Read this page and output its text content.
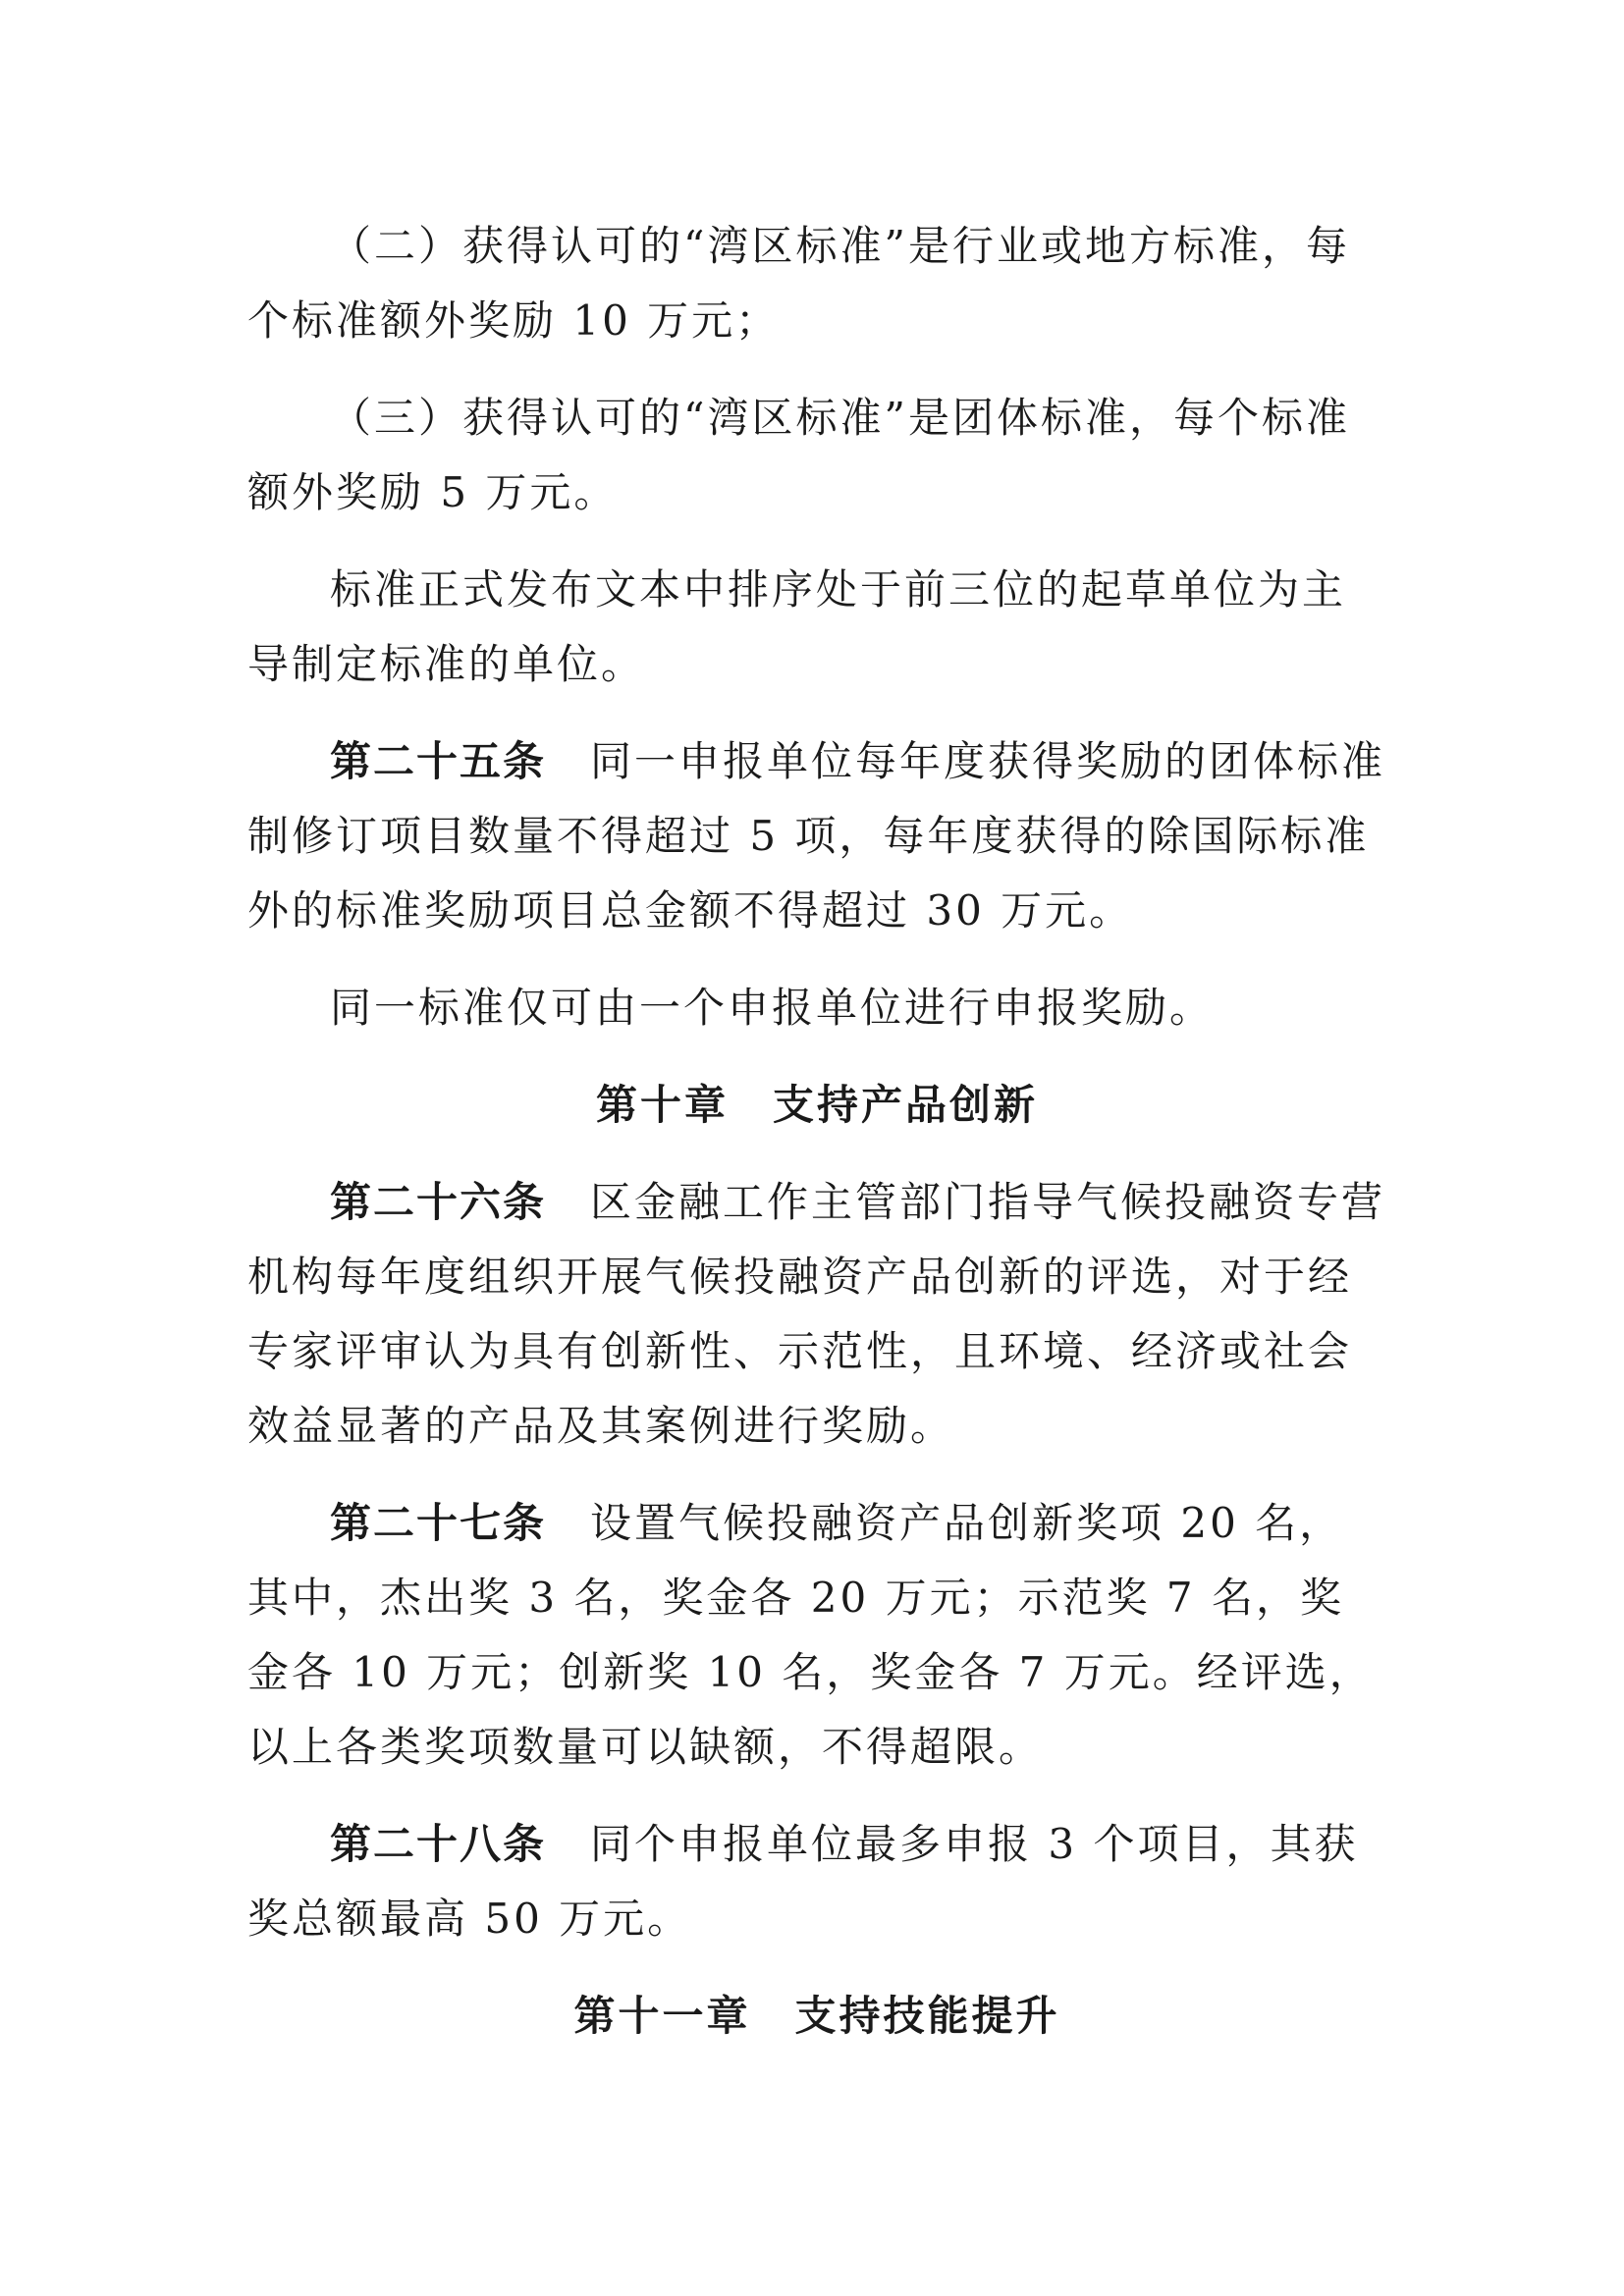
（二）获得认可的“湾区标准”是行业或地方标准，每个标准额外奖励 10 万元；

（三）获得认可的“湾区标准”是团体标准，每个标准额外奖励 5 万元。

标准正式发布文本中排序处于前三位的起草单位为主导制定标准的单位。

第二十五条　 同一申报单位每年度获得奖励的团体标准制修订项目数量不得超过 5 项，每年度获得的除国际标准外的标准奖励项目总金额不得超过 30 万元。

同一标准仅可由一个申报单位进行申报奖励。

第十章　支持产品创新

第二十六条　 区金融工作主管部门指导气候投融资专营机构每年度组织开展气候投融资产品创新的评选，对于经专家评审认为具有创新性、示范性，且环境、经济或社会效益显著的产品及其案例进行奖励。

第二十七条　 设置气候投融资产品创新奖项 20 名，其中，杰出奖 3 名，奖金各 20 万元；示范奖 7 名，奖金各 10 万元；创新奖 10 名，奖金各 7 万元。经评选，以上各类奖项数量可以缺额，不得超限。

第二十八条　 同个申报单位最多申报 3 个项目，其获奖总额最高 50 万元。

第十一章　支持技能提升
